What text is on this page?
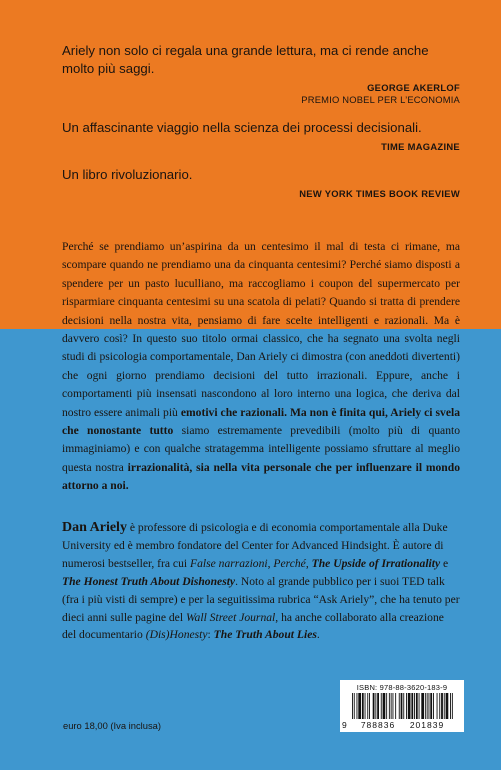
Ariely non solo ci regala una grande lettura, ma ci rende anche molto più saggi.
GEORGE AKERLOF
PREMIO NOBEL PER L’ECONOMIA
Un affascinante viaggio nella scienza dei processi decisionali.
TIME MAGAZINE
Un libro rivoluzionario.
NEW YORK TIMES BOOK REVIEW

Perché se prendiamo un’aspirina da un centesimo il mal di testa ci rimane, ma scompare quando ne prendiamo una da cinquanta centesimi? Perché siamo disposti a spendere per un pasto luculliano, ma raccogliamo i coupon del supermercato per risparmiare cinquanta centesimi su una scatola di pelati? Quando si tratta di prendere decisioni nella nostra vita, pensiamo di fare scelte intelligenti e razionali. Ma è davvero così? In questo suo titolo ormai classico, che ha segnato una svolta negli studi di psicologia comportamentale, Dan Ariely ci dimostra (con aneddoti divertenti) che ogni giorno prendiamo decisioni del tutto irrazionali. Eppure, anche i comportamenti più insensati nascondono al loro interno una logica, che deriva dal nostro essere animali più emotivi che razionali. Ma non è finita qui, Ariely ci svela che nonostante tutto siamo estremamente prevedibili (molto più di quanto immaginiamo) e con qualche stratagemma intelligente possiamo sfruttare al meglio questa nostra irrazionalità, sia nella vita personale che per influenzare il mondo attorno a noi.

Dan Ariely è professore di psicologia e di economia comportamentale alla Duke University ed è membro fondatore del Center for Advanced Hindsight. È autore di numerosi bestseller, fra cui False narrazioni, Perché, The Upside of Irrationality e The Honest Truth About Dishonesty. Noto al grande pubblico per i suoi TED talk (fra i più visti di sempre) e per la seguitissima rubrica “Ask Ariely”, che ha tenuto per dieci anni sulle pagine del Wall Street Journal, ha anche collaborato alla creazione del documentario (Dis)Honesty: The Truth About Lies.
euro 18,00 (Iva inclusa)
ISBN: 978-88-3620-183-9
9	788836	201839
